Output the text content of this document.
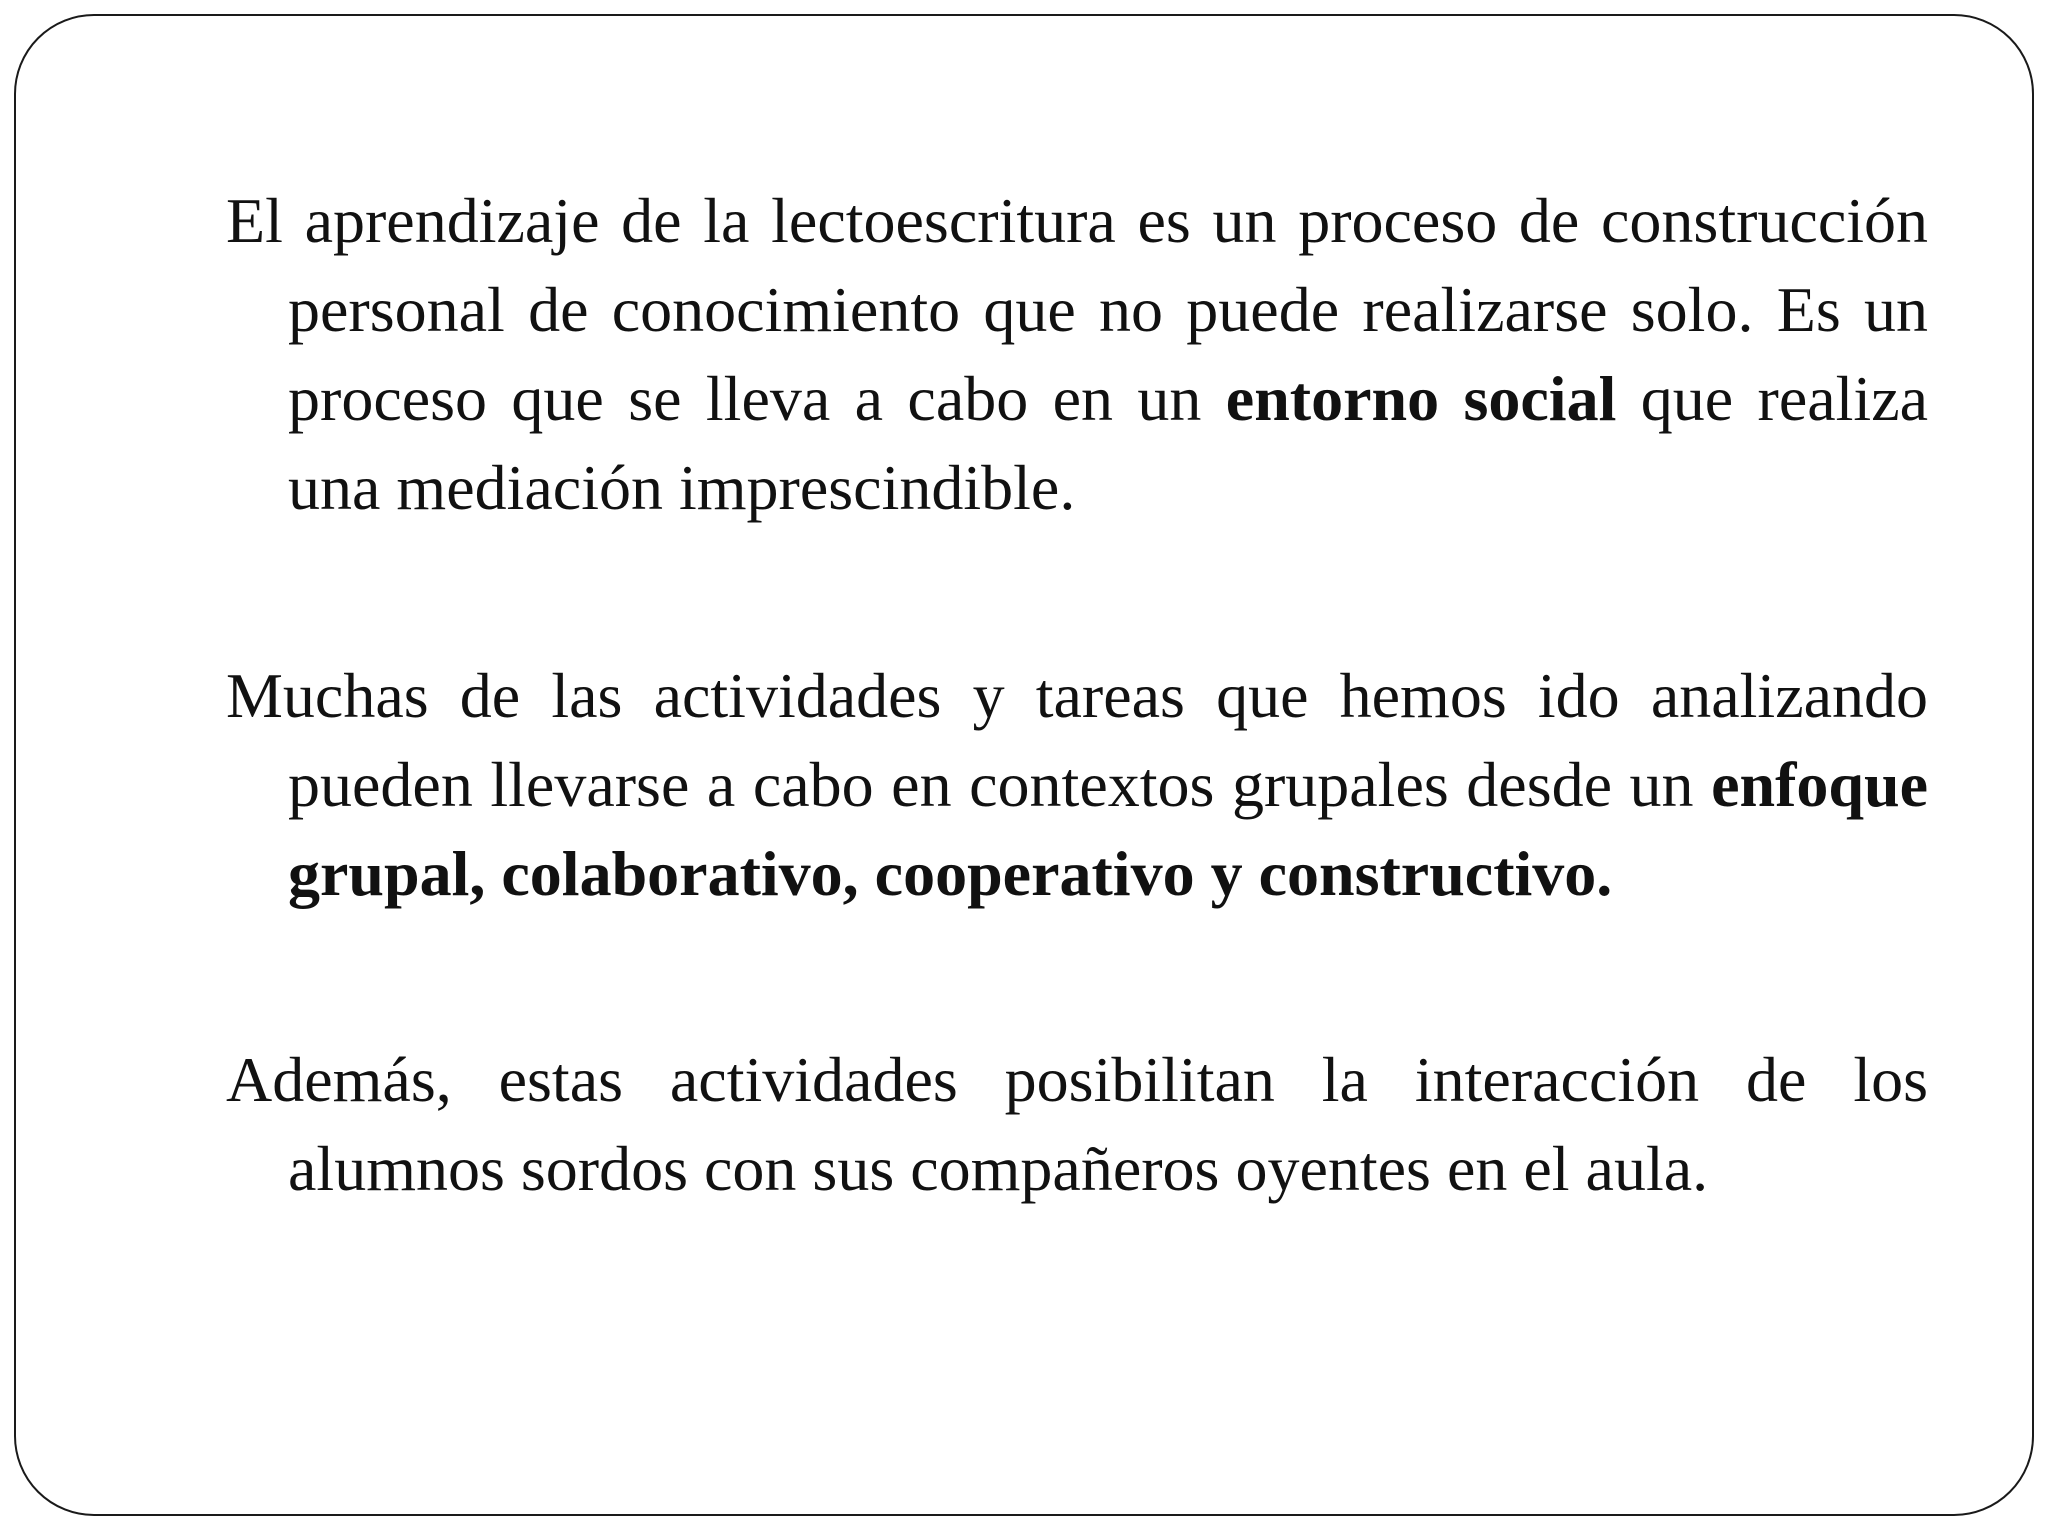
El aprendizaje de la lectoescritura es un proceso de construcción personal de conocimiento que no puede realizarse solo. Es un proceso que se lleva a cabo en un entorno social que realiza una mediación imprescindible.

Muchas de las actividades y tareas que hemos ido analizando pueden llevarse a cabo en contextos grupales desde un enfoque grupal, colaborativo, cooperativo y constructivo.

Además, estas actividades posibilitan la interacción de los alumnos sordos con sus compañeros oyentes en el aula.
